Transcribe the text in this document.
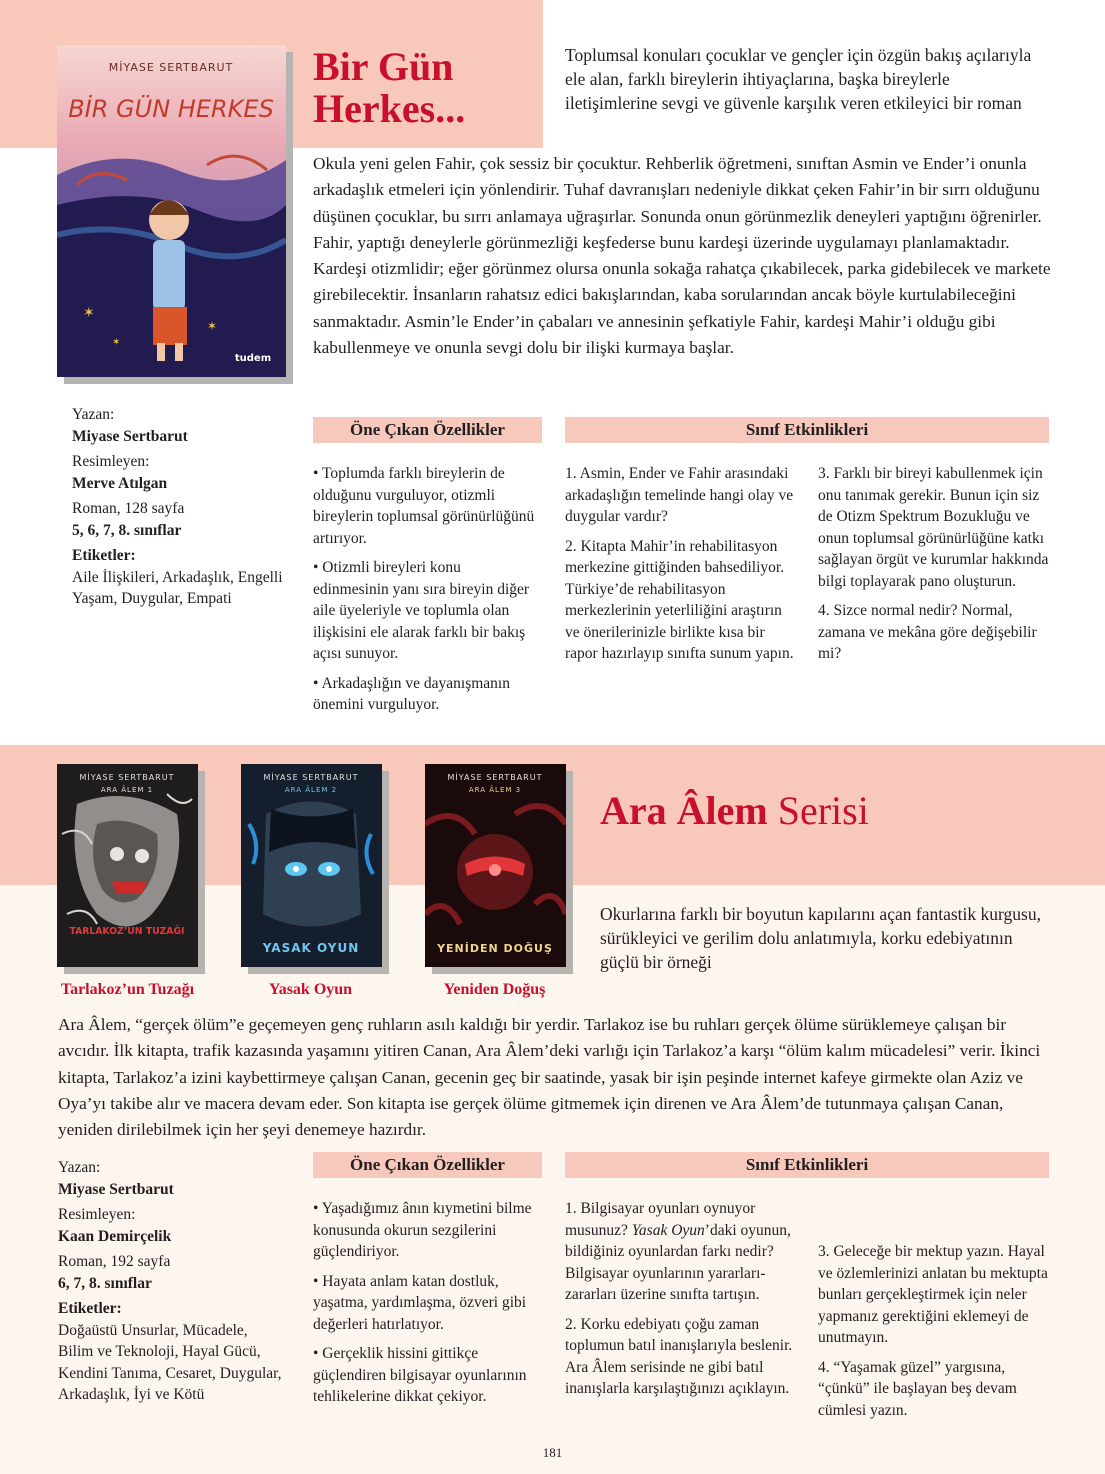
✶
✶
✶
MİYASE SERTBARUT
BİR GÜN HERKES
tudem
Bir Gün
Herkes...
Toplumsal konuları çocuklar ve gençler için özgün bakış açılarıyla ele alan, farklı bireylerin ihtiyaçlarına, başka bireylerle iletişimlerine sevgi ve güvenle karşılık veren etkileyici bir roman
Okula yeni gelen Fahir, çok sessiz bir çocuktur. Rehberlik öğretmeni, sınıftan Asmin ve Ender’i onunla arkadaşlık etmeleri için yönlendirir. Tuhaf davranışları nedeniyle dikkat çeken Fahir’in bir sırrı olduğunu düşünen çocuklar, bu sırrı anlamaya uğraşırlar. Sonunda onun görünmezlik deneyleri yaptığını öğrenirler. Fahir, yaptığı deneylerle görünmezliği keşfederse bunu kardeşi üzerinde uygulamayı planlamaktadır. Kardeşi otizmlidir; eğer görünmez olursa onunla sokağa rahatça çıkabilecek, parka gidebilecek ve markete girebilecektir. İnsanların rahatsız edici bakışlarından, kaba sorularından ancak böyle kurtulabileceğini sanmaktadır. Asmin’le Ender’in çabaları ve annesinin şefkatiyle Fahir, kardeşi Mahir’i olduğu gibi kabullenmeye ve onunla sevgi dolu bir ilişki kurmaya başlar.
Yazan:
Miyase Sertbarut
Resimleyen:
Merve Atılgan
Roman, 128 sayfa
5, 6, 7, 8. sınıflar
Etiketler:
Aile İlişkileri, Arkadaşlık, Engelli Yaşam, Duygular, Empati
Öne Çıkan Özellikler	Sınıf Etkinlikleri

• Toplumda farklı bireylerin de olduğunu vurguluyor, otizmli bireylerin toplumsal görünürlüğünü artırıyor.

• Otizmli bireyleri konu edinmesinin yanı sıra bireyin diğer aile üyeleriyle ve toplumla olan ilişkisini ele alarak farklı bir bakış açısı sunuyor.

• Arkadaşlığın ve dayanışmanın önemini vurguluyor.

1. Asmin, Ender ve Fahir arasındaki arkadaşlığın temelinde hangi olay ve duygular vardır?

2. Kitapta Mahir’in rehabilitasyon merkezine gittiğinden bahsediliyor. Türkiye’de rehabilitasyon merkezlerinin yeterliliğini araştırın ve önerilerinizle birlikte kısa bir rapor hazırlayıp sınıfta sunum yapın.

3. Farklı bir bireyi kabullenmek için onu tanımak gerekir. Bunun için siz de Otizm Spektrum Bozukluğu ve onun toplumsal görünürlüğüne katkı sağlayan örgüt ve kurumlar hakkında bilgi toplayarak pano oluşturun.

4. Sizce normal nedir? Normal, zamana ve mekâna göre değişebilir mi?

MİYASE SERTBARUT
ARA ÂLEM 1
TARLAKOZ’UN TUZAĞI
MİYASE SERTBARUT
ARA ÂLEM 2
YASAK OYUN
MİYASE SERTBARUT
ARA ÂLEM 3
YENİDEN DOĞUŞ
Tarlakoz’un Tuzağı	Yasak Oyun	Yeniden Doğuş
Ara Âlem Serisi
Okurlarına farklı bir boyutun kapılarını açan fantastik kurgusu, sürükleyici ve gerilim dolu anlatımıyla, korku edebiyatının güçlü bir örneği
Ara Âlem, “gerçek ölüm”e geçemeyen genç ruhların asılı kaldığı bir yerdir. Tarlakoz ise bu ruhları gerçek ölüme sürüklemeye çalışan bir avcıdır. İlk kitapta, trafik kazasında yaşamını yitiren Canan, Ara Âlem’deki varlığı için Tarlakoz’a karşı “ölüm kalım mücadelesi” verir. İkinci kitapta, Tarlakoz’a izini kaybettirmeye çalışan Canan, gecenin geç bir saatinde, yasak bir işin peşinde internet kafeye girmekte olan Aziz ve Oya’yı takibe alır ve macera devam eder. Son kitapta ise gerçek ölüme gitmemek için direnen ve Ara Âlem’de tutunmaya çalışan Canan, yeniden dirilebilmek için her şeyi denemeye hazırdır.
Yazan:
Miyase Sertbarut
Resimleyen:
Kaan Demirçelik
Roman, 192 sayfa
6, 7, 8. sınıflar
Etiketler:
Doğaüstü Unsurlar, Mücadele, Bilim ve Teknoloji, Hayal Gücü, Kendini Tanıma, Cesaret, Duygular, Arkadaşlık, İyi ve Kötü
Öne Çıkan Özellikler	Sınıf Etkinlikleri

• Yaşadığımız ânın kıymetini bilme konusunda okurun sezgilerini güçlendiriyor.

• Hayata anlam katan dostluk, yaşatma, yardımlaşma, özveri gibi değerleri hatırlatıyor.

• Gerçeklik hissini gittikçe güçlendiren bilgisayar oyunlarının tehlikelerine dikkat çekiyor.

1. Bilgisayar oyunları oynuyor musunuz? Yasak Oyun’daki oyunun, bildiğiniz oyunlardan farkı nedir? Bilgisayar oyunlarının yararları-zararları üzerine sınıfta tartışın.

2. Korku edebiyatı çoğu zaman toplumun batıl inanışlarıyla beslenir. Ara Âlem serisinde ne gibi batıl inanışlarla karşılaştığınızı açıklayın.

3. Geleceğe bir mektup yazın. Hayal ve özlemlerinizi anlatan bu mektupta bunları gerçekleştirmek için neler yapmanız gerektiğini eklemeyi de unutmayın.

4. “Yaşamak güzel” yargısına, “çünkü” ile başlayan beş devam cümlesi yazın.

181
